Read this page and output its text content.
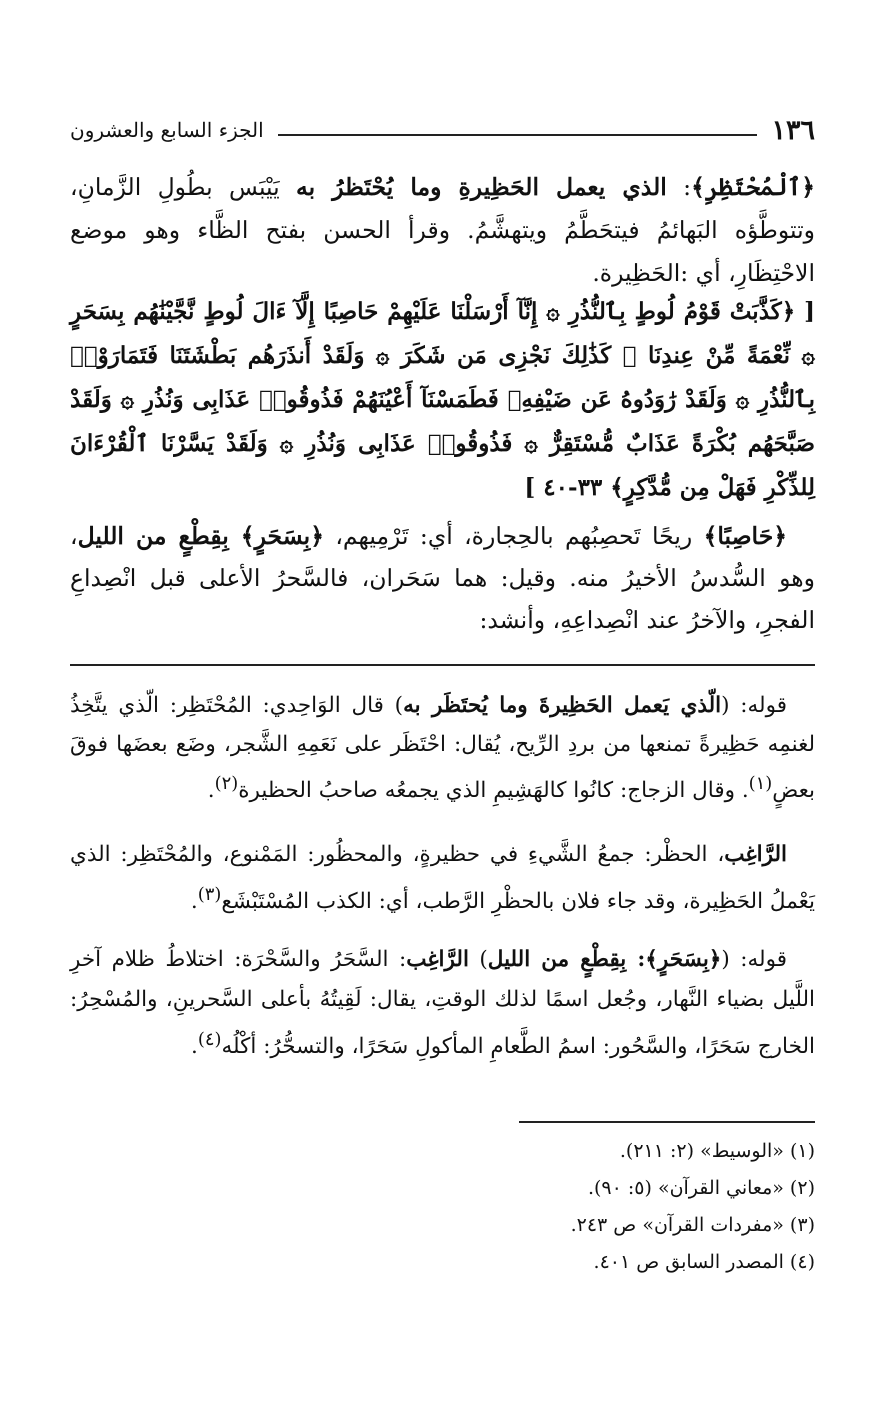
١٣٦
الجزء السابع والعشرون

﴿ٱلْمُحْتَظِرِ﴾: الذي يعمل الحَظِيرةِ وما يُحْتَظرُ به يَيْبَس بطُولِ الزَّمانِ، وتتوطَّؤه البَهائمُ فيتحَطَّمُ ويتهشَّمُ. وقرأ الحسن بفتح الظَّاء وهو موضع الاحْتِظَارِ، أي :الحَظِيرة.

[ ﴿كَذَّبَتْ قَوْمُ لُوطٍ بِٱلنُّذُرِ ۞ إِنَّآ أَرْسَلْنَا عَلَيْهِمْ حَاصِبًا إِلَّآ ءَالَ لُوطٍ نَّجَّيْنَٰهُم بِسَحَرٍ ۞ نِّعْمَةً مِّنْ عِندِنَا ۚ كَذَٰلِكَ نَجْزِى مَن شَكَرَ ۞ وَلَقَدْ أَنذَرَهُم بَطْشَتَنَا فَتَمَارَوْا۟ بِٱلنُّذُرِ ۞ وَلَقَدْ رَٰوَدُوهُ عَن ضَيْفِهِۦ فَطَمَسْنَآ أَعْيُنَهُمْ فَذُوقُوا۟ عَذَابِى وَنُذُرِ ۞ وَلَقَدْ صَبَّحَهُم بُكْرَةً عَذَابٌ مُّسْتَقِرٌّ ۞ فَذُوقُوا۟ عَذَابِى وَنُذُرِ ۞ وَلَقَدْ يَسَّرْنَا ٱلْقُرْءَانَ لِلذِّكْرِ فَهَلْ مِن مُّدَّكِرٍ﴾ ٣٣-٤٠ ]

﴿حَاصِبًا﴾ ريحًا تَحصِبُهم بالحِجارة، أي: تَرْمِيهم، ﴿بِسَحَرٍ﴾ بِقِطْعٍ من الليل، وهو السُّدسُ الأخيرُ منه. وقيل: هما سَحَران، فالسَّحرُ الأعلى قبل انْصِداعِ الفجرِ، والآخرُ عند انْصِداعِهِ، وأنشد:

قوله: (الّذي يَعمل الحَظِيرةَ وما يُحتَظَر به) قال الوَاحِدي: المُحْتَظِر: الّذي يتَّخِذُ لغنمِه حَظِيرةً تمنعها من بردِ الرِّيح، يُقال: احْتَظَر على نَعَمِهِ الشَّجر، وضَع بعضَها فوقَ بعضٍ$^{(١)}$. وقال الزجاج: كانُوا كالهَشِيمِ الذي يجمعُه صاحبُ الحظيرة$^{(٢)}$.

الرَّاغِب، الحظْر: جمعُ الشَّيءِ في حظيرةٍ، والمحظُور: المَمْنوع، والمُحْتَظِر: الذي يَعْملُ الحَظِيرة، وقد جاء فلان بالحظْرِ الرَّطب، أي: الكذب المُسْتَبْشَع$^{(٣)}$.

قوله: (﴿بِسَحَرٍ﴾: بِقِطْعٍ من الليل) الرَّاغِب: السَّحَرُ والسَّحْرَة: اختلاطُ ظلام آخرِ اللَّيل بضياء النَّهار، وجُعل اسمًا لذلك الوقتِ، يقال: لَقِيتُهُ بأعلى السَّحرينِ، والمُسْحِرُ: الخارج سَحَرًا، والسَّحُور: اسمُ الطَّعامِ المأكولِ سَحَرًا، والتسحُّرُ: أكْلُه$^{(٤)}$.

(١) «الوسيط» (٢: ٢١١).
(٢) «معاني القرآن» (٥: ٩٠).
(٣) «مفردات القرآن» ص ٢٤٣.
(٤) المصدر السابق ص ٤٠١.
